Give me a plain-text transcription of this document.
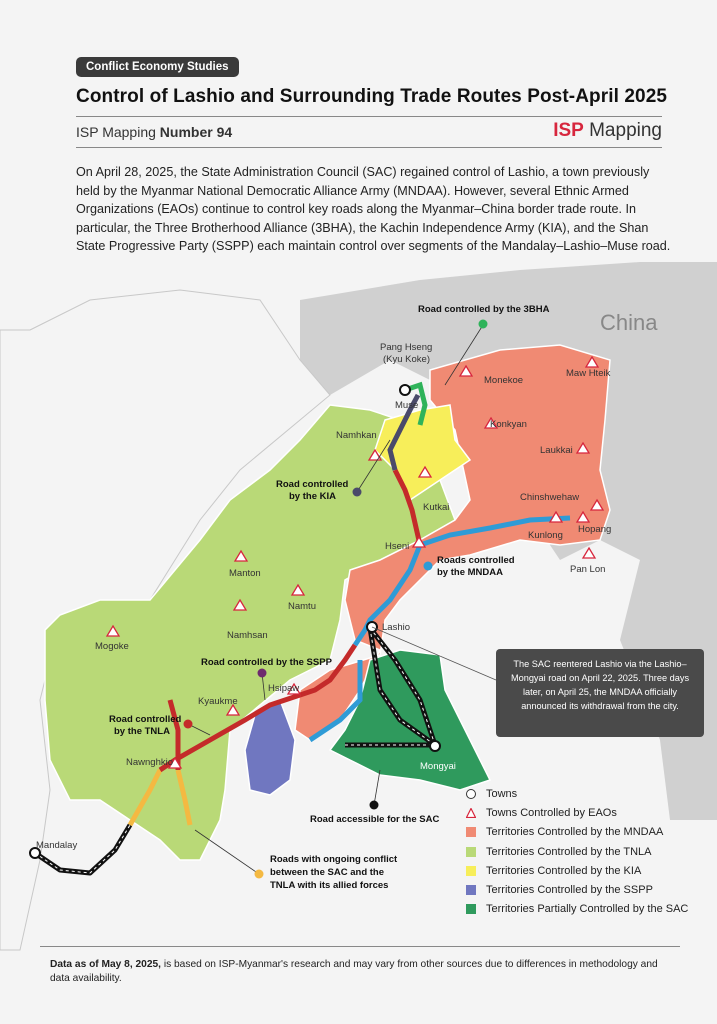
Conflict Economy Studies
Control of Lashio and Surrounding Trade Routes Post-April 2025
ISP Mapping Number 94	ISP Mapping
On April 28, 2025, the State Administration Council (SAC) regained control of Lashio, a town previously held by the Myanmar National Democratic Alliance Army (MNDAA). However, several Ethnic Armed Organizations (EAOs) continue to control key roads along the Myanmar–China border trade route. In particular, the Three Brotherhood Alliance (3BHA), the Kachin Independence Army (KIA), and the Shan State Progressive Party (SSPP) each maintain control over segments of the Mandalay–Lashio–Muse road.
China
Pang Hseng
(Kyu Koke)
Muse
Namhkan
Monekoe
Maw Hteik
Konkyan
Laukkai
Chinshwehaw
Kutkai
Hopang
Kunlong
Hseni
Pan Lon
Manton
Namtu
Mogoke
Namhsan
Lashio
Hsipaw
Kyaukme
Nawnghkio	Mongyai
Mandalay
Road controlled by the 3BHA
Road controlled
by the KIA
Roads controlled
by the MNDAA
Road controlled by the SSPP
Road controlled
by the TNLA
Road accessible for the SAC
Roads with ongoing conflict
between the SAC and the
TNLA with its allied forces
The SAC reentered Lashio via the Lashio–Mongyai road on April 22, 2025. Three days later, on April 25, the MNDAA officially announced its withdrawal from the city.
Towns
Towns Controlled by EAOs
Territories Controlled by the MNDAA
Territories Controlled by the TNLA
Territories Controlled by the KIA
Territories Controlled by the SSPP
Territories Partially Controlled by the SAC
Data as of May 8, 2025, is based on ISP-Myanmar's research and may vary from other sources due to differences in methodology and data availability.
